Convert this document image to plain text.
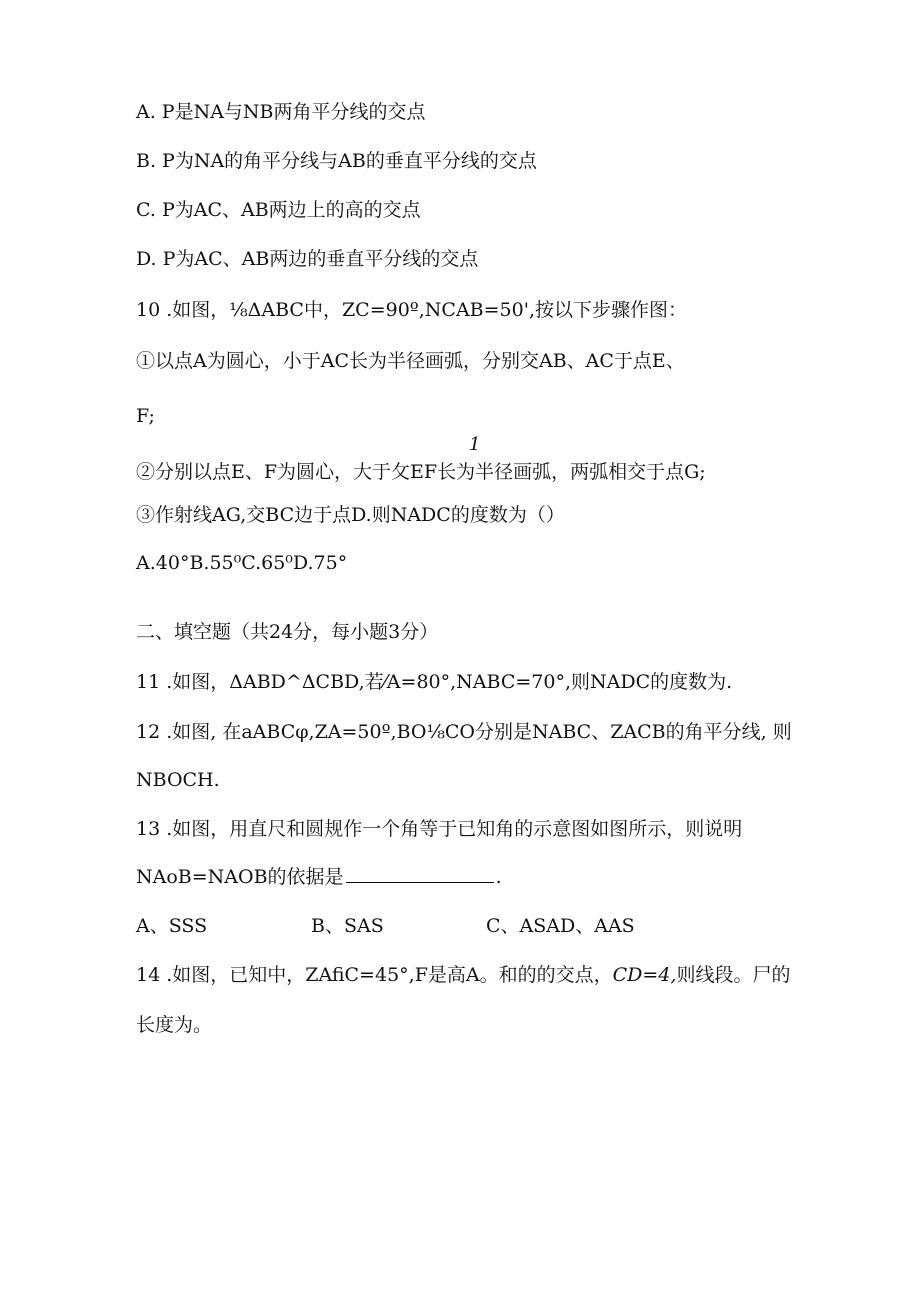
A. P是NA与NB两角平分线的交点

B. P为NA的角平分线与AB的垂直平分线的交点

C. P为AC、AB两边上的高的交点

D. P为AC、AB两边的垂直平分线的交点

10 .如图，⅛ΔABC中，ZC=90º,NCAB=50',按以下步骤作图：

①以点A为圆心，小于AC长为半径画弧，分别交AB、AC于点E、

F;

1

②分别以点E、F为圆心，大于攵EF长为半径画弧，两弧相交于点G;

③作射线AG,交BC边于点D.则NADC的度数为（）

A.40°B.55⁰C.65⁰D.75°

二、填空题（共24分，每小题3分）

11 .如图，ΔABD^ΔCBD,若⁄A=80°,NABC=70°,则NADC的度数为.

12 .如图, 在aABCφ,ZA=50º,BO⅛CO分别是NABC、ZACB的角平分线, 则

NBOCH.

13 .如图，用直尺和圆规作一个角等于已知角的示意图如图所示，则说明

NAoB=NAOB的依据是	.

A、SSS	B、SAS	C、ASAD、AAS

14 .如图，已知中，ZAfiC=45°,F是高A。和的的交点，CD=4,则线段。尸的

长度为。
